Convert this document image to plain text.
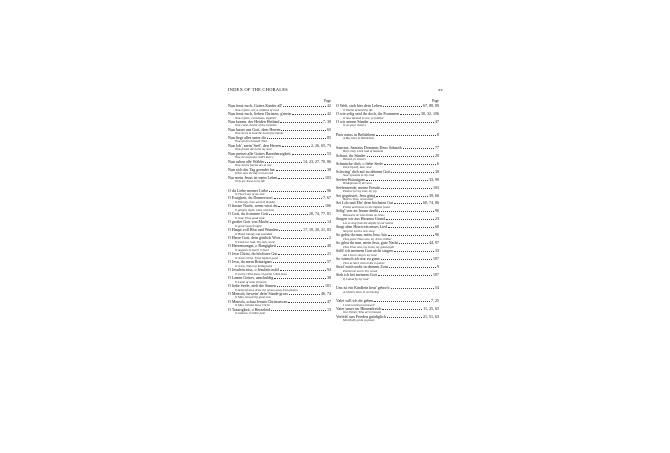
INDEX OF THE CHORALES	xv
Page
Nun freut euch, Gottes Kinder all'	42
Now rejoice, all ye children of God
Nun freut euch, lieben Christen, g'mein	42
Now rejoice, Christians, together
Nun komm, der Heiden Heiland	7, 30
Now come, Savior of the Gentiles
Nun lasset uns Gott, dem Herren	65
Now let us to God the Lord give thanks
Nun liegt alles unter dir	85
Now all lies beneath Thee
Nun lob', mein' Seel', den Herren	2, 26, 65, 73
Now praise the Lord, my soul
Nun preiset alle Gottes Barmherzigkeit	53
Now let all praise God's mercy
Nun ruhen alle Wälder	14, 23, 27, 70, 86
Now all the forests are at rest
Nun sich der Tag geendet hat	38
When now the day is at an end
Nur mein Jesus ist mein Leben	103
Only my Jesus is my life
O du Liebe meiner Liebe	96
O Thou Love of my love
O Ewigkeit, du Donnerwort	7, 67
O Eternity, thou word of thunder
O finstre Nacht, wenn wirst du	106
O gloomy night, when wilt thou
O Gott, du frommer Gott	20, 74, 77, 81
O God, Thou good God
O großer Gott von Macht	14
O great God of might
O Haupt voll Blut und Wunden	17, 18, 20, 21, 83
O Head, bloody and wounded
O Herre Gott, dein göttlich Wort	2
O Lord our God, Thy holy word
O Herzensangst, o Bangigkeit	40
O anguish of heart! O fear!
O Jesu Christ, du höchstes Gut	21
O Jesus Christ, Thou highest good
O Jesu, du mein Bräutigam	57
O Jesus, Thou my bridegroom
O Jesulein süss, o Jesulein mild	94
O sweet Child Jesus, O gentle Child Jesus
O Lamm Gottes, unschuldig	38
O Lamb of God, innocent
O liebe Seele, zieh die Sinnen	101
O beloved soul, draw thy senses away from desires
O Mensch, bewein' dein' Sünde gross	46, 74
O Man, bewail thy great sins
O Mensch, schau Jesum Christum an	47
O Man, behold Jesus Christ
O Traurigkeit, o Herzeleid	13
O sadness, O bitter pain
Page
O Welt, sieh hier dein Leben	67, 88, 89
O World, behold thy life
O wie selig seid ihr doch, ihr Frommen	30, 32, 106
O how blessed ye are, ye faithful
O wir armen Sünder	47
O we poor sinners
Puer natus in Bethlehem	8
A Boy born in Bethlehem
Sanctus, Sanctus Dominus Deus Sabaoth	77
Holy, holy, Lord God of Sabaoth
Schaut, ihr Sünder	20
Behold, ye sinners
Schmücke dich, o liebe Seele	6
Deck thyself, dear soul
Schwing' dich auf zu deinem Gott	30
Soar upwards to thy God
Seelen-Bräutigam	33, 99
Bridegroom of the soul
Seelenweide, meine Freude	103
Pasture for my soul, my joy
Sei gegrüsset, Jesu gütig	39, 66
Hail to Thee, Jesus kind
Sei Lob und Ehr' dem höchsten Gut	60, 74, 86
Praise and honor to the highest Good
Selig! wer an Jesum denkt	96
Blessed is he who thinks on Jesus
Singen wir aus Herzens Grund	23
Let us sing from the depths of our hearts
Singt dem Herrn ein neues Lied	60
Sing the Lord a new song
So gehst du nun, mein Jesu, hin	96
Thus goest Thou now, my Jesus, thither
So gibst du nun, mein Jesu, gute Nacht	44, 97
Thus Thou now, my Jesus, my good-night
Sollt' ich meinem Gott nicht singen	33
Am I not to sing to my God
So wünsch ich mir zu guter	107
Thus at last I wish to die in peace
Straf' mich nicht in deinem Zorn	9
Punish me not in Thy wrath
Sieh ich bei meinem Gott	107
If I stand by my God
Uns ist ein Kindlein heut' gebor'n	54
A Child is born to us this day
Valet will ich dir geben	7, 25
I wish to bid you farewell
Vater unser im Himmelreich	11, 25, 65
Our Father, Who art in heaven
Verleih' uns Frieden gnädiglich	21, 51, 63
Mercifully grant us peace
